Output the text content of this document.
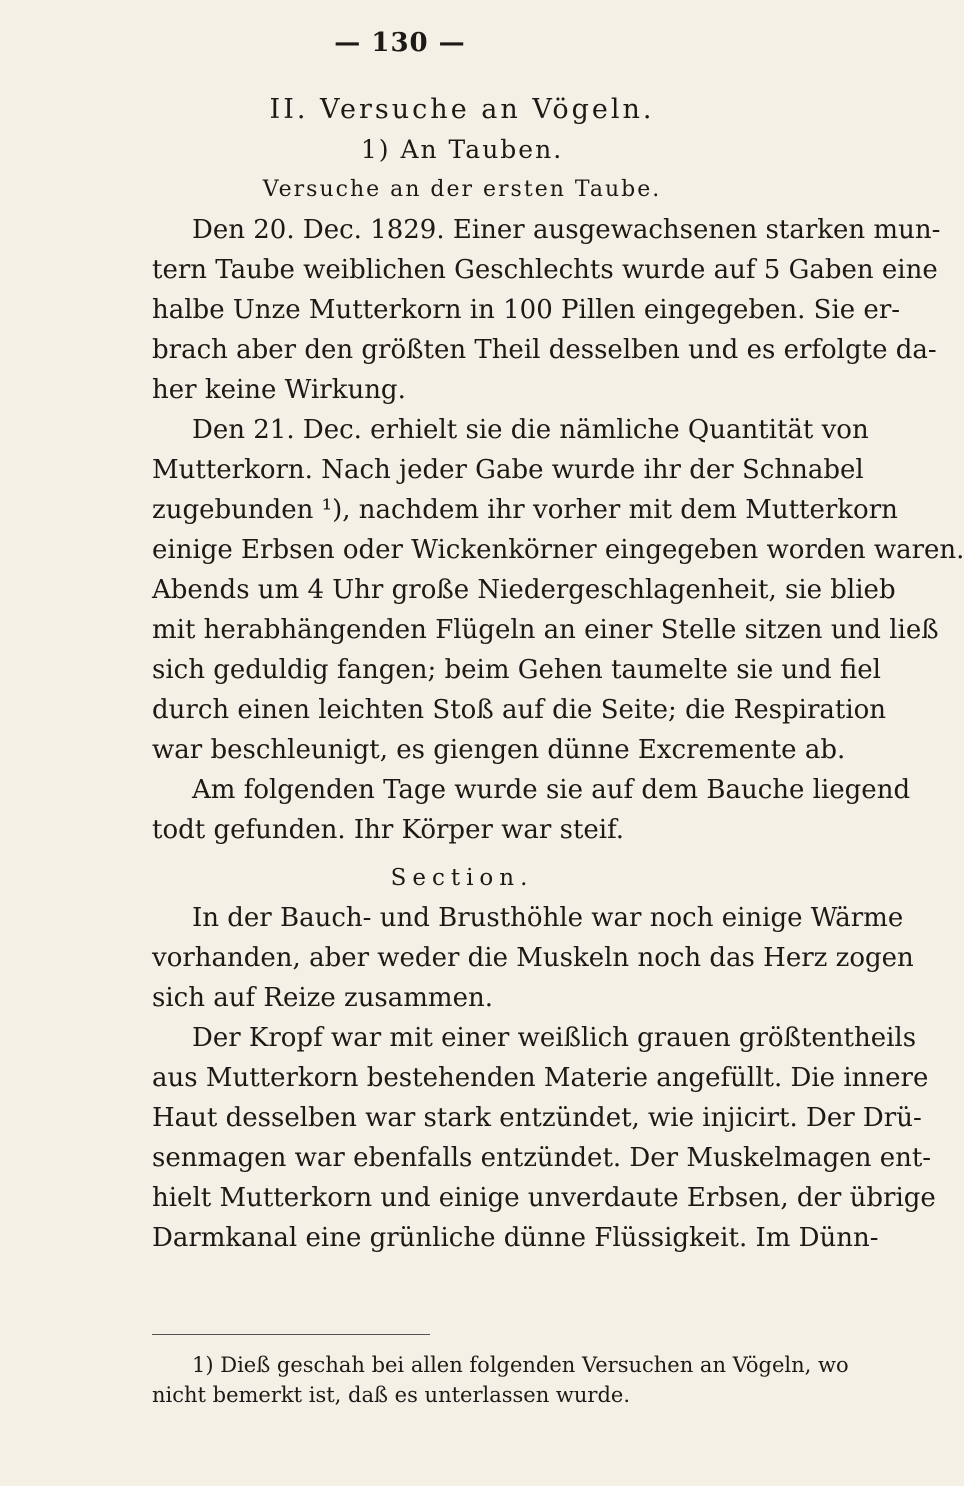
— 130 —
II. Versuche an Vögeln.
1) An Tauben.
Versuche an der ersten Taube.
Den 20. Dec. 1829. Einer ausgewachsenen starken mun-
tern Taube weiblichen Geschlechts wurde auf 5 Gaben eine
halbe Unze Mutterkorn in 100 Pillen eingegeben. Sie er-
brach aber den größten Theil desselben und es erfolgte da-
her keine Wirkung.
Den 21. Dec. erhielt sie die nämliche Quantität von
Mutterkorn. Nach jeder Gabe wurde ihr der Schnabel
zugebunden ¹), nachdem ihr vorher mit dem Mutterkorn
einige Erbsen oder Wickenkörner eingegeben worden waren.
Abends um 4 Uhr große Niedergeschlagenheit, sie blieb
mit herabhängenden Flügeln an einer Stelle sitzen und ließ
sich geduldig fangen; beim Gehen taumelte sie und fiel
durch einen leichten Stoß auf die Seite; die Respiration
war beschleunigt, es giengen dünne Excremente ab.
Am folgenden Tage wurde sie auf dem Bauche liegend
todt gefunden. Ihr Körper war steif.
Section.
In der Bauch- und Brusthöhle war noch einige Wärme
vorhanden, aber weder die Muskeln noch das Herz zogen
sich auf Reize zusammen.
Der Kropf war mit einer weißlich grauen größtentheils
aus Mutterkorn bestehenden Materie angefüllt. Die innere
Haut desselben war stark entzündet, wie injicirt. Der Drü-
senmagen war ebenfalls entzündet. Der Muskelmagen ent-
hielt Mutterkorn und einige unverdaute Erbsen, der übrige
Darmkanal eine grünliche dünne Flüssigkeit. Im Dünn-
1) Dieß geschah bei allen folgenden Versuchen an Vögeln, wo
nicht bemerkt ist, daß es unterlassen wurde.
